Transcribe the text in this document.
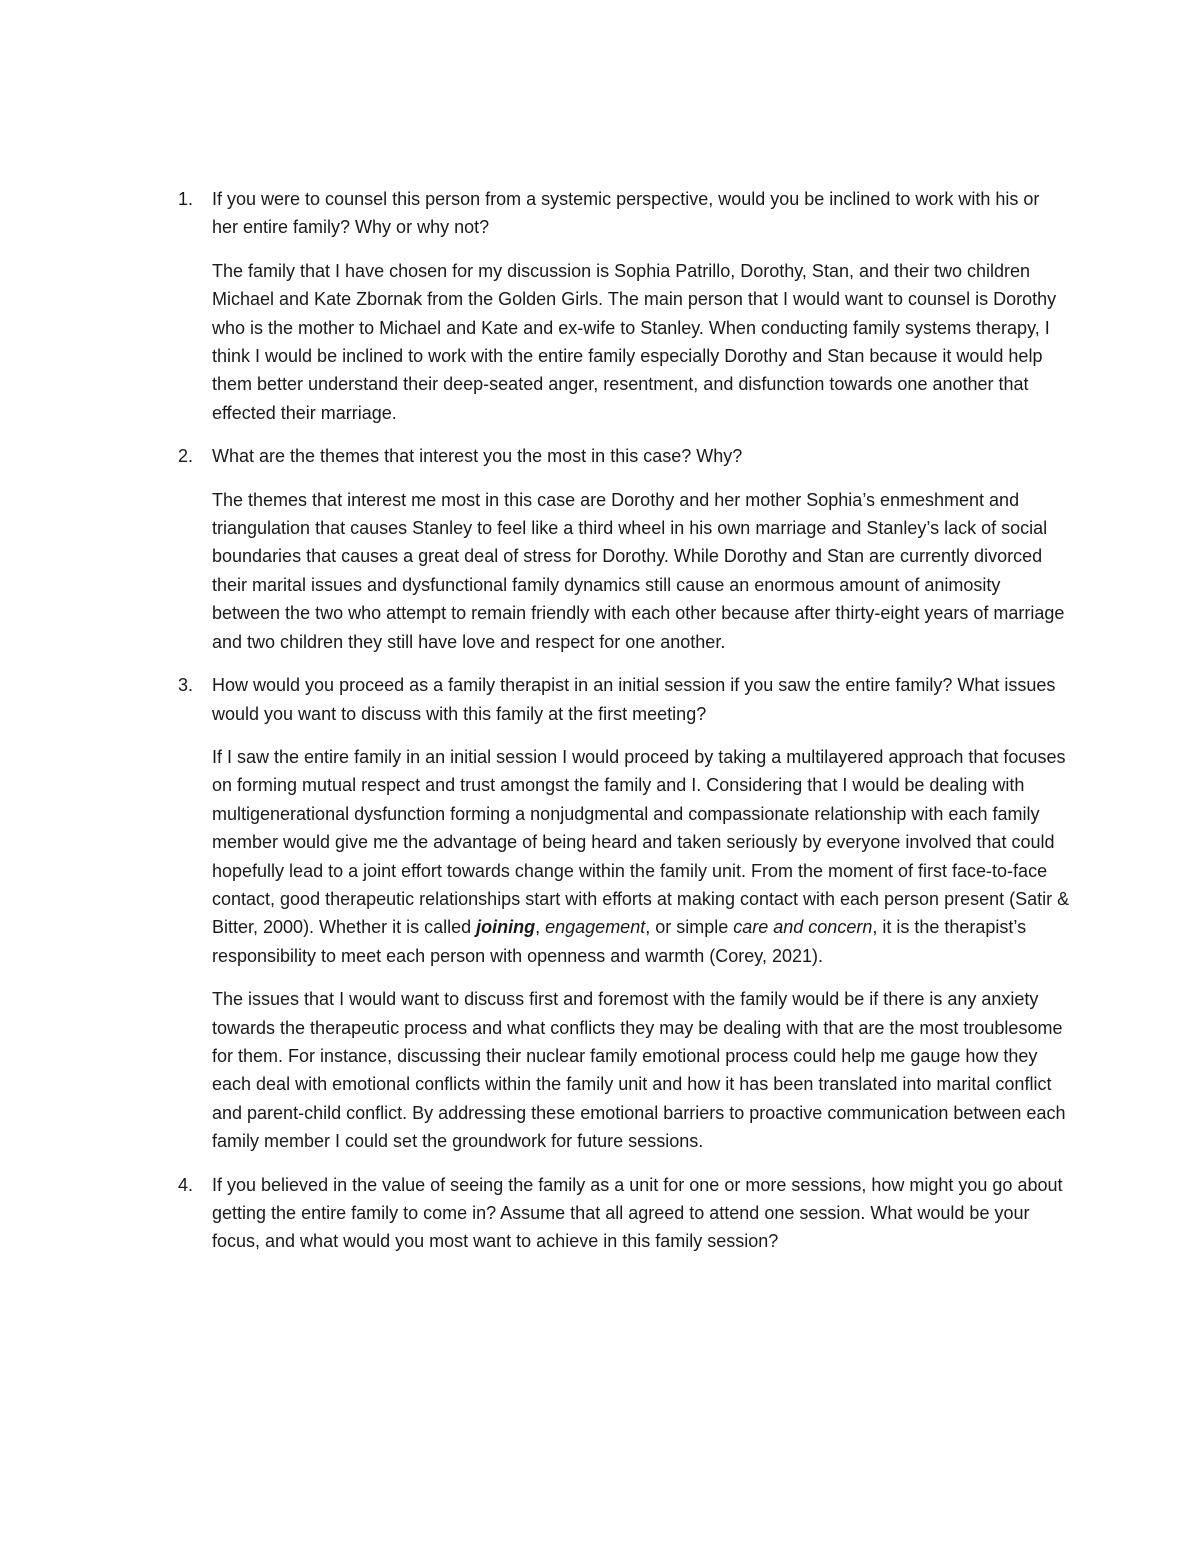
1. If you were to counsel this person from a systemic perspective, would you be inclined to work with his or her entire family? Why or why not?

The family that I have chosen for my discussion is Sophia Patrillo, Dorothy, Stan, and their two children Michael and Kate Zbornak from the Golden Girls. The main person that I would want to counsel is Dorothy who is the mother to Michael and Kate and ex-wife to Stanley. When conducting family systems therapy, I think I would be inclined to work with the entire family especially Dorothy and Stan because it would help them better understand their deep-seated anger, resentment, and disfunction towards one another that effected their marriage.

2. What are the themes that interest you the most in this case? Why?

The themes that interest me most in this case are Dorothy and her mother Sophia’s enmeshment and triangulation that causes Stanley to feel like a third wheel in his own marriage and Stanley’s lack of social boundaries that causes a great deal of stress for Dorothy. While Dorothy and Stan are currently divorced their marital issues and dysfunctional family dynamics still cause an enormous amount of animosity between the two who attempt to remain friendly with each other because after thirty-eight years of marriage and two children they still have love and respect for one another.

3. How would you proceed as a family therapist in an initial session if you saw the entire family? What issues would you want to discuss with this family at the first meeting?

If I saw the entire family in an initial session I would proceed by taking a multilayered approach that focuses on forming mutual respect and trust amongst the family and I. Considering that I would be dealing with multigenerational dysfunction forming a nonjudgmental and compassionate relationship with each family member would give me the advantage of being heard and taken seriously by everyone involved that could hopefully lead to a joint effort towards change within the family unit. From the moment of first face-to-face contact, good therapeutic relationships start with efforts at making contact with each person present (Satir & Bitter, 2000). Whether it is called joining, engagement, or simple care and concern, it is the therapist’s responsibility to meet each person with openness and warmth (Corey, 2021).

The issues that I would want to discuss first and foremost with the family would be if there is any anxiety towards the therapeutic process and what conflicts they may be dealing with that are the most troublesome for them. For instance, discussing their nuclear family emotional process could help me gauge how they each deal with emotional conflicts within the family unit and how it has been translated into marital conflict and parent-child conflict. By addressing these emotional barriers to proactive communication between each family member I could set the groundwork for future sessions.

4. If you believed in the value of seeing the family as a unit for one or more sessions, how might you go about getting the entire family to come in? Assume that all agreed to attend one session. What would be your focus, and what would you most want to achieve in this family session?
